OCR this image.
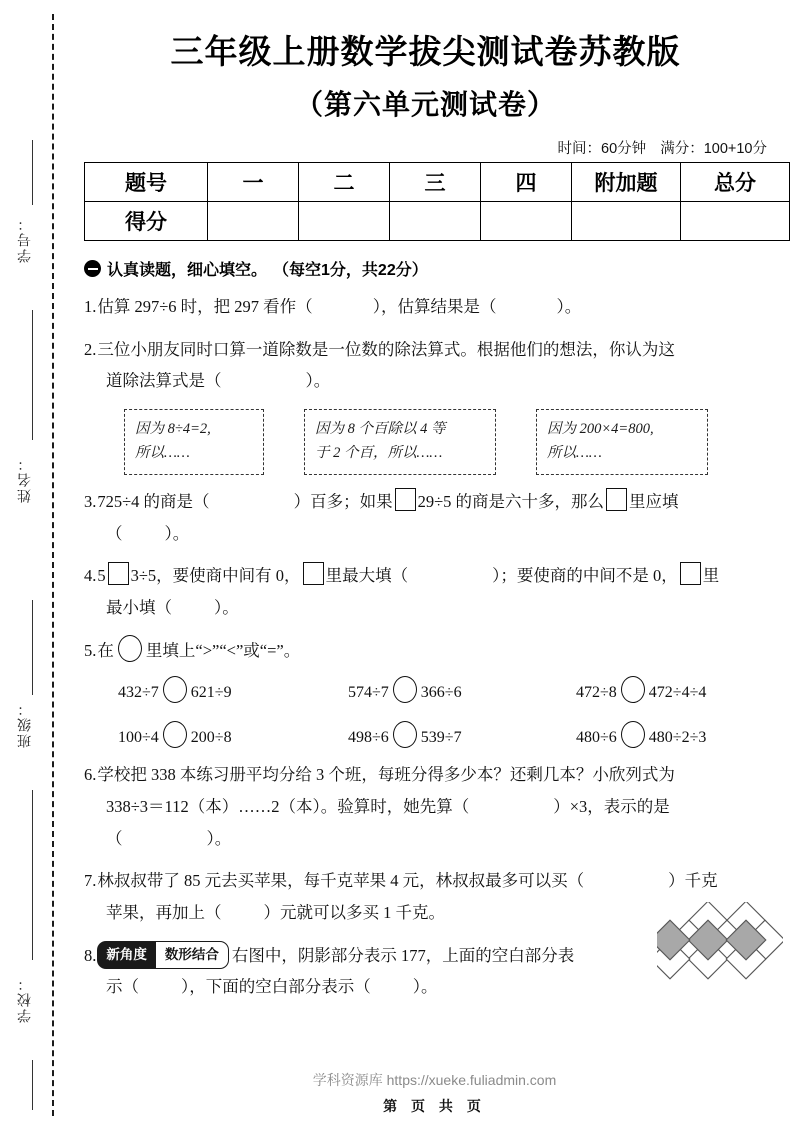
学号：
姓名：
班级：
学校：
三年级上册数学拔尖测试卷苏教版
（第六单元测试卷）
时间：60分钟 满分：100+10分
题号	一	二	三	四	附加题	总分
得分						
认真读题，细心填空。 （每空1分，共22分）
1.估算 297÷6 时，把 297 看作（	），估算结果是（	）。
2.三位小朋友同时口算一道除数是一位数的除法算式。根据他们的想法，你认为这
道除法算式是（	）。
因为 8÷4=2,
所以……
因为 8 个百除以 4 等
于 2 个百，所以……
因为 200×4=800,
所以……
3.725÷4 的商是（	）百多；如果 29÷5 的商是六十多，那么 里应填
（	）。
4.5 3÷5，要使商中间有 0， 里最大填（	）；要使商的中间不是 0， 里
最小填（	）。
5.在 里填上“>”“<”或“=”。
432÷7 621÷9	574÷7 366÷6	472÷8 472÷4÷4
100÷4 200÷8	498÷6 539÷7	480÷6 480÷2÷3
6.学校把 338 本练习册平均分给 3 个班，每班分得多少本？还剩几本？小欣列式为
338÷3＝112（本）……2（本）。验算时，她先算（	）×3，表示的是
（	）。
7.林叔叔带了 85 元去买苹果，每千克苹果 4 元，林叔叔最多可以买（	）千克
苹果，再加上（	）元就可以多买 1 千克。
8. 新角度 数形结合 右图中，阴影部分表示 177，上面的空白部分表
示（	），下面的空白部分表示（	）。
学科资源库 https://xueke.fuliadmin.com
第 页 共 页
